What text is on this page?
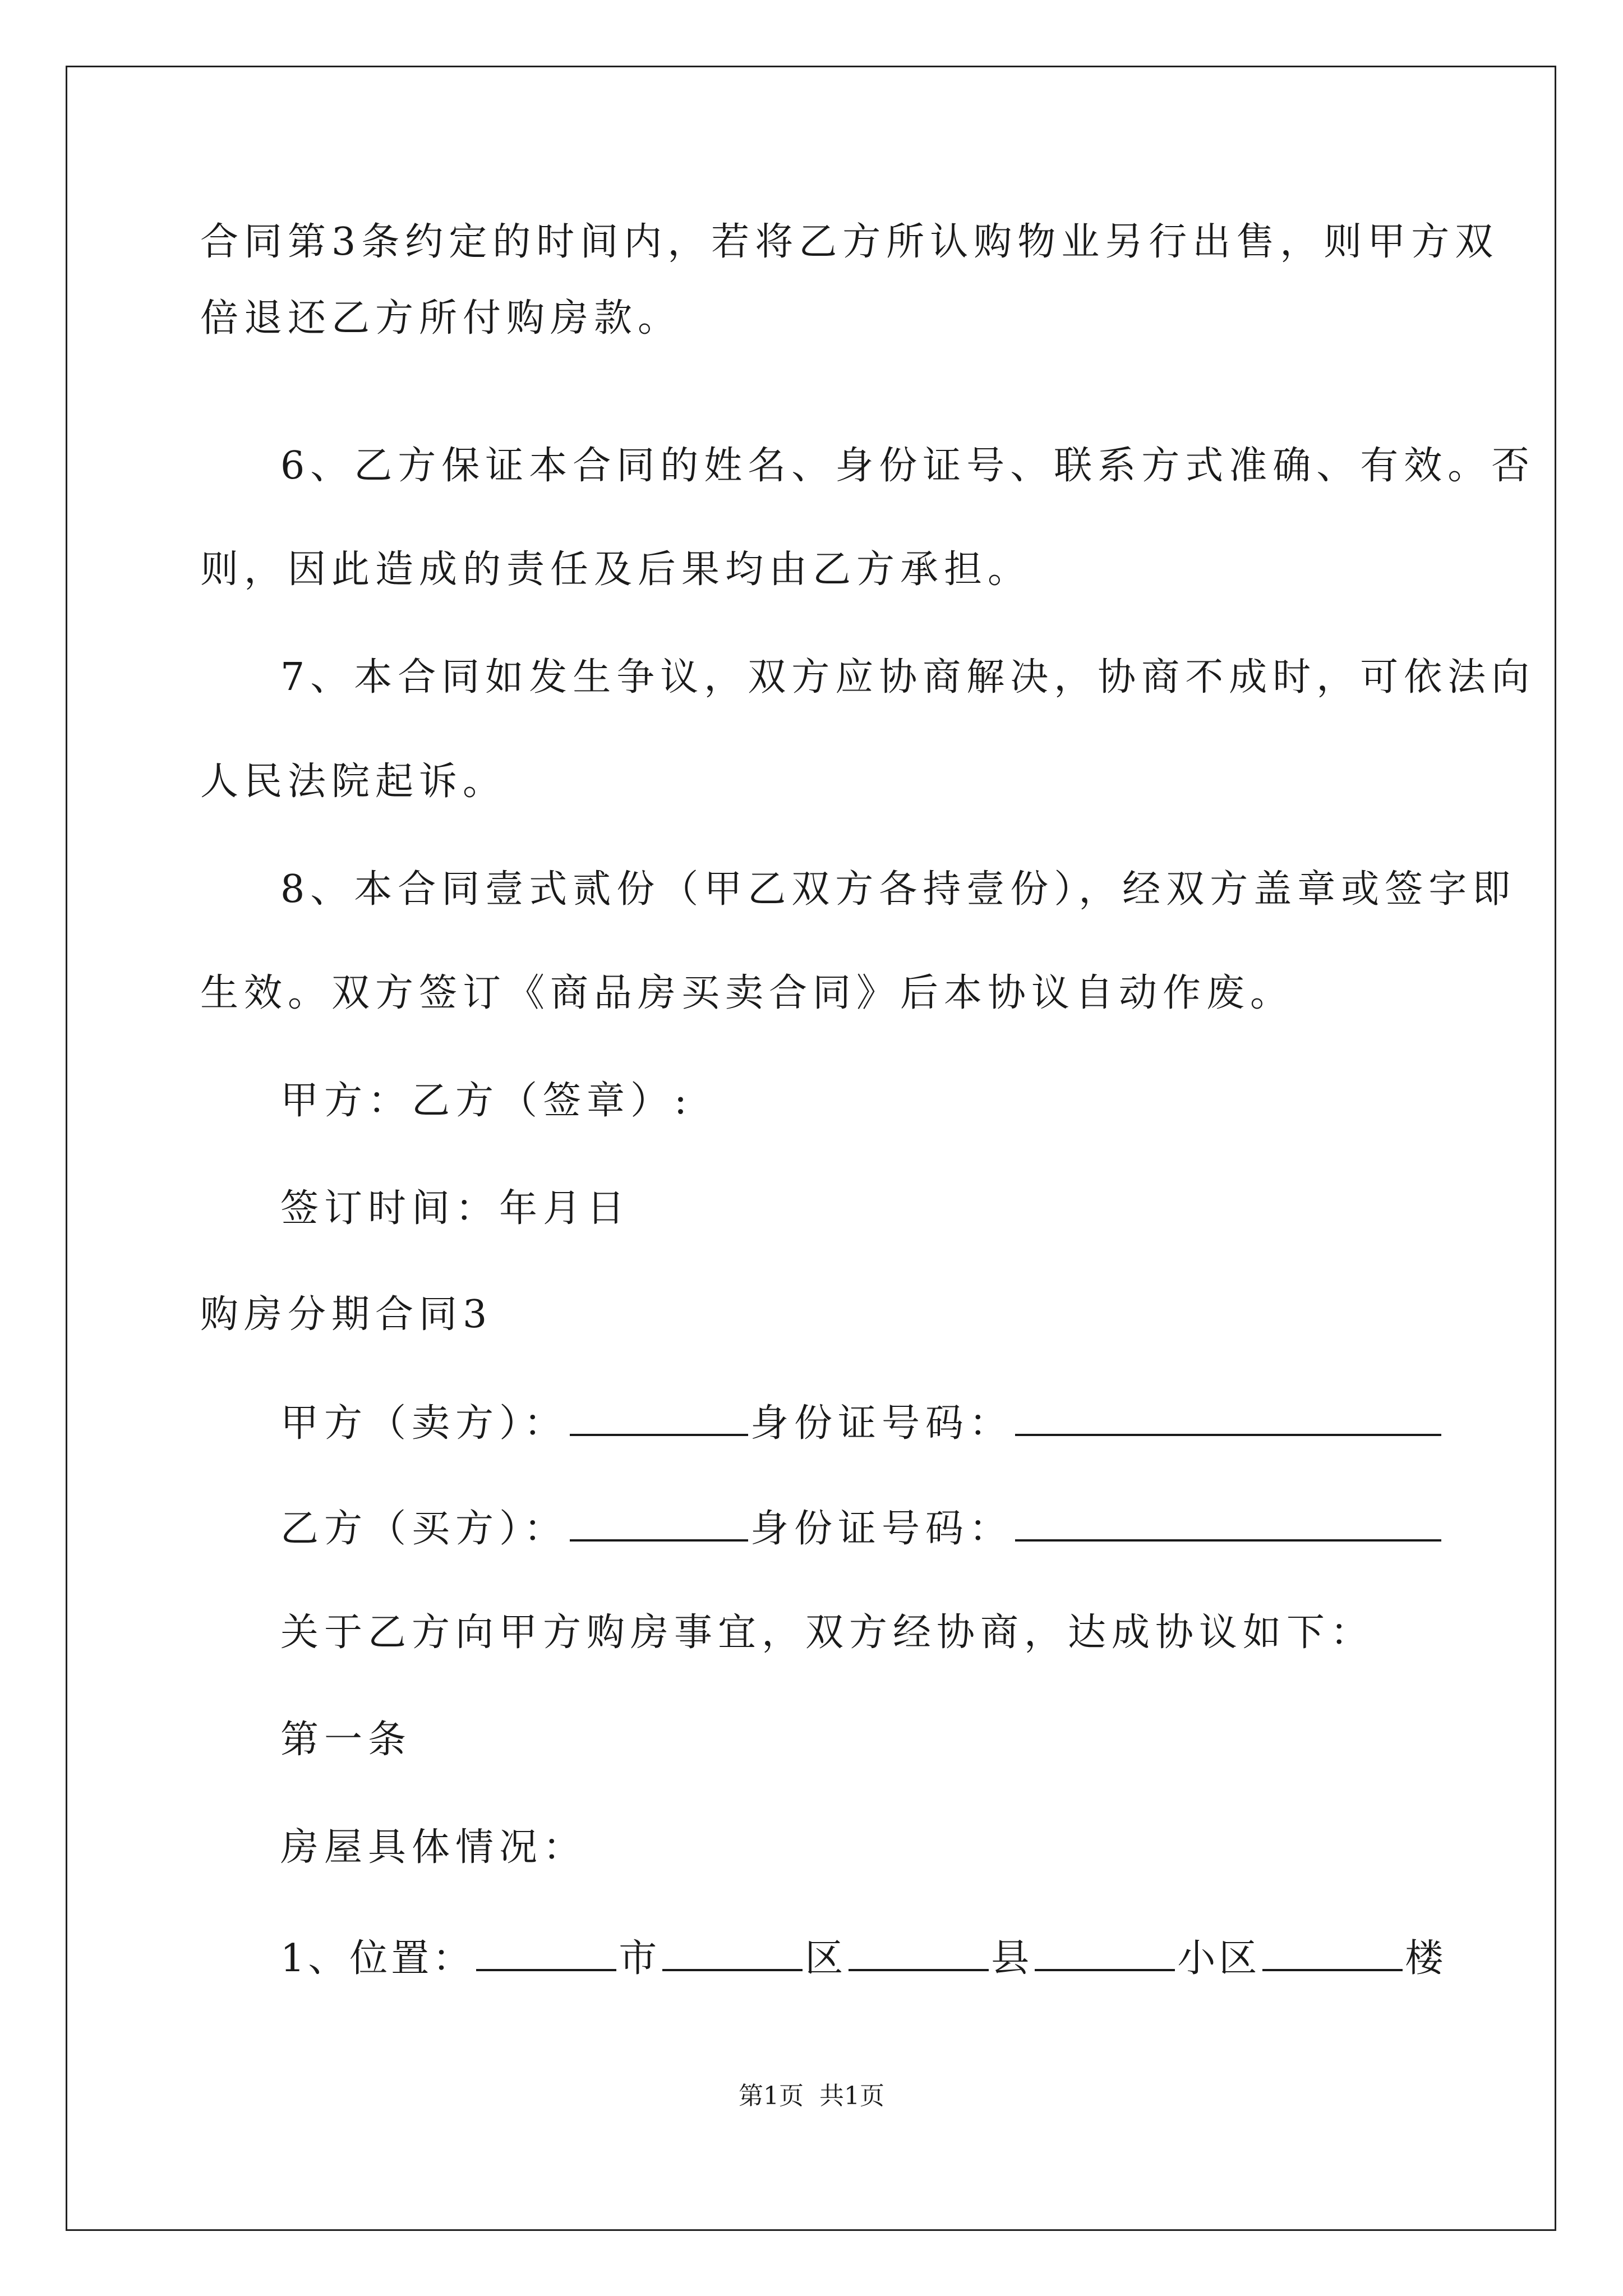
合同第3条约定的时间内，若将乙方所认购物业另行出售，则甲方双
倍退还乙方所付购房款。
6、乙方保证本合同的姓名、身份证号、联系方式准确、有效。否
则，因此造成的责任及后果均由乙方承担。
7、本合同如发生争议，双方应协商解决，协商不成时，可依法向
人民法院起诉。
8、本合同壹式贰份（甲乙双方各持壹份），经双方盖章或签字即
生效。双方签订《商品房买卖合同》后本协议自动作废。
甲方：乙方（签章）:
签订时间：年月日
购房分期合同3
甲方（卖方）：	身份证号码：
乙方（买方）：	身份证号码：
关于乙方向甲方购房事宜，双方经协商，达成协议如下：
第一条
房屋具体情况：
1、位置：	市	区	县	小区	楼
第1页 共1页
